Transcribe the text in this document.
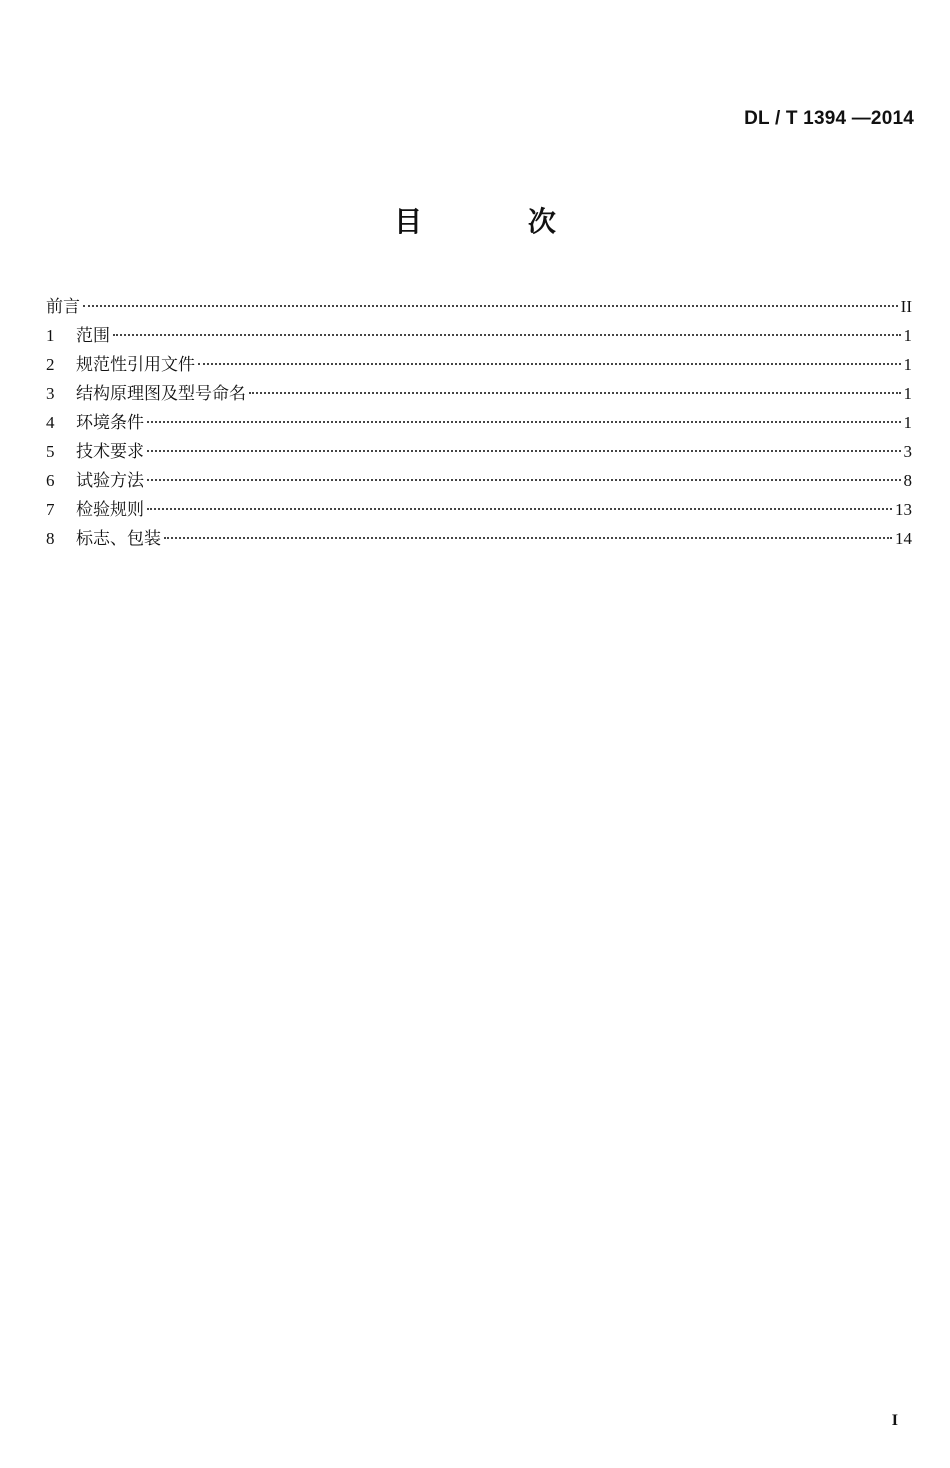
DL / T 1394 —2014
目 次
前言	II
1	范围	1
2	规范性引用文件	1
3	结构原理图及型号命名	1
4	环境条件	1
5	技术要求	3
6	试验方法	8
7	检验规则	13
8	标志、包装	14
I
